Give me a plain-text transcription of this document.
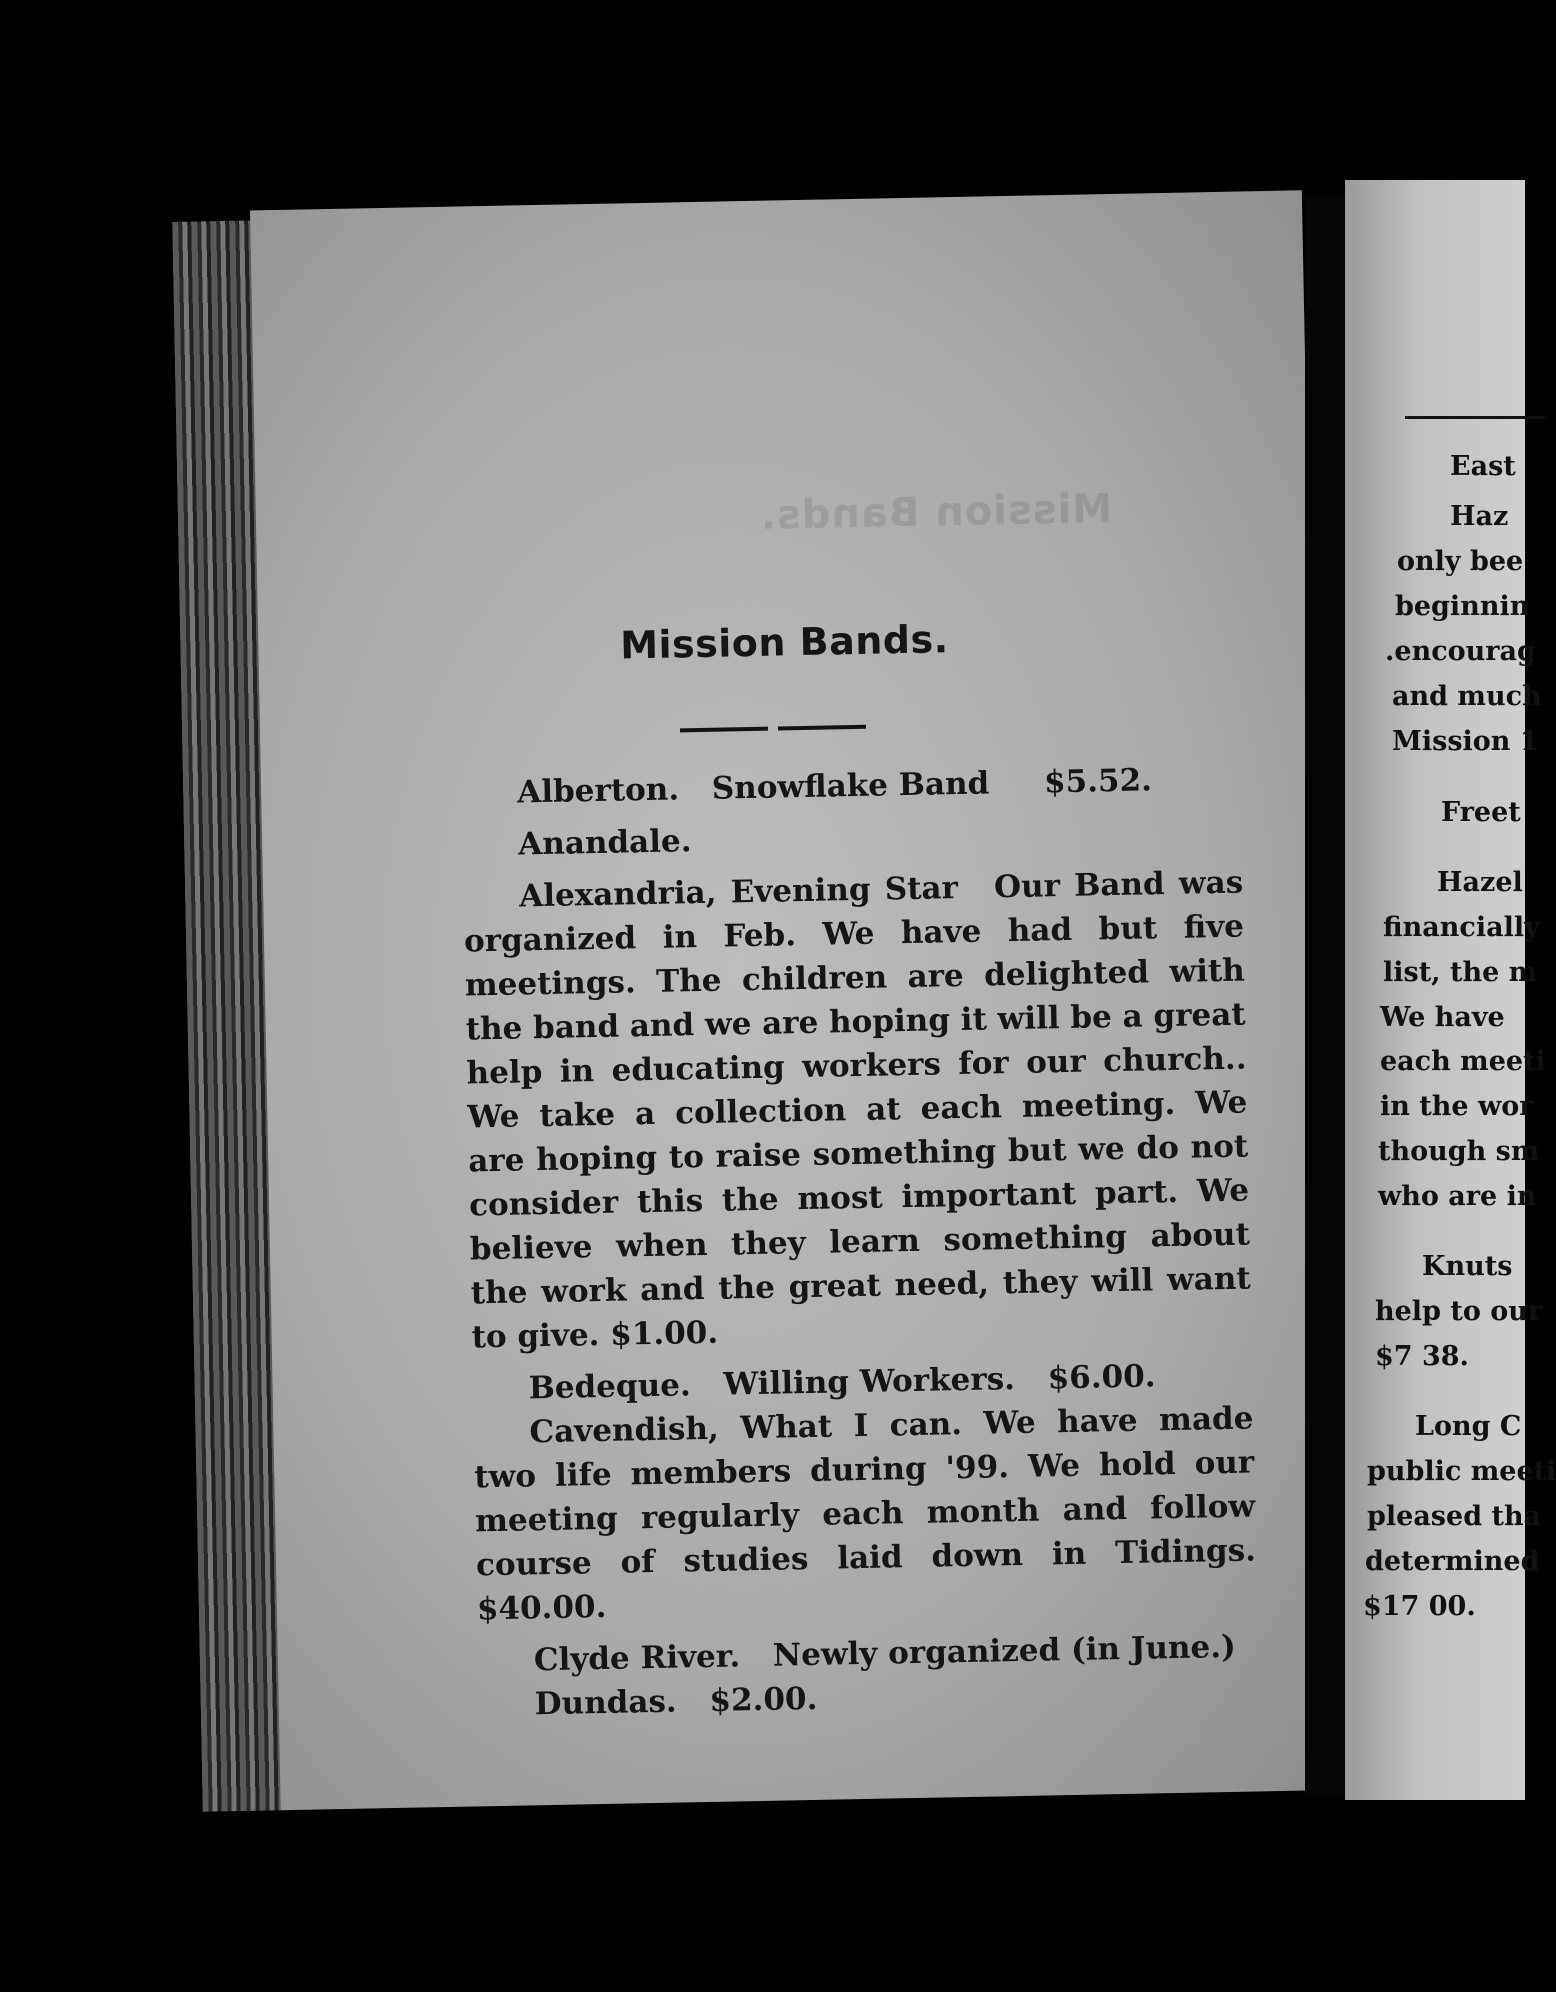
Mission Bands.
Mission Bands.

Alberton. Snowflake Band $5.52.

Anandale.

Alexandria, Evening Star Our Band was organized in Feb. We have had but five meetings. The children are delighted with the band and we are hoping it will be a great help in educating workers for our church.. We take a collection at each meeting. We are hoping to raise something but we do not consider this the most important part. We believe when they learn something about the work and the great need, they will want to give. $1.00.

Bedeque. Willing Workers. $6.00.

Cavendish, What I can. We have made two life members during '99. We hold our meeting regularly each month and follow course of studies laid down in Tidings. $40.00.

Clyde River. Newly organized (in June.)

Dundas. $2.00.

East
Haz
only bee
beginnin
.encourag
and much
Mission 1
Freet
Hazel
financially
list, the m
We have
each meeti
in the wor
though sm
who are in
Knuts
help to our
$7 38.
Long C
public meeti
pleased tha
determined
$17 00.
